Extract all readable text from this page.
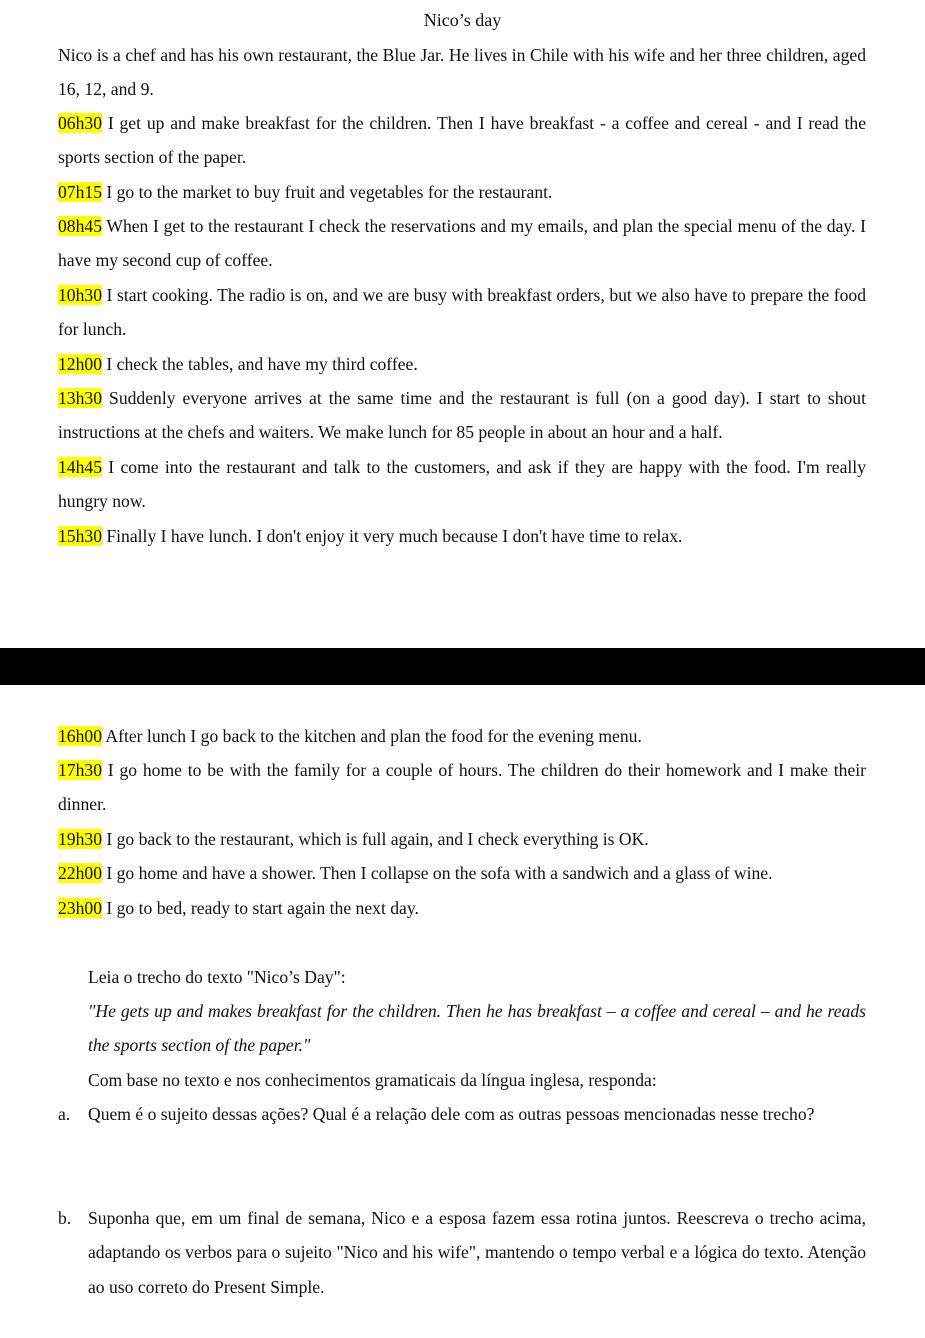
Nico’s day

Nico is a chef and has his own restaurant, the Blue Jar. He lives in Chile with his wife and her three children, aged 16, 12, and 9.

06h30 I get up and make breakfast for the children. Then I have breakfast - a coffee and cereal - and I read the sports section of the paper.

07h15 I go to the market to buy fruit and vegetables for the restaurant.

08h45 When I get to the restaurant I check the reservations and my emails, and plan the special menu of the day. I have my second cup of coffee.

10h30 I start cooking. The radio is on, and we are busy with breakfast orders, but we also have to prepare the food for lunch.

12h00 I check the tables, and have my third coffee.

13h30 Suddenly everyone arrives at the same time and the restaurant is full (on a good day). I start to shout instructions at the chefs and waiters. We make lunch for 85 people in about an hour and a half.

14h45 I come into the restaurant and talk to the customers, and ask if they are happy with the food. I'm really hungry now.

15h30 Finally I have lunch. I don't enjoy it very much because I don't have time to relax.

16h00 After lunch I go back to the kitchen and plan the food for the evening menu.

17h30 I go home to be with the family for a couple of hours. The children do their homework and I make their dinner.

19h30 I go back to the restaurant, which is full again, and I check everything is OK.

22h00 I go home and have a shower. Then I collapse on the sofa with a sandwich and a glass of wine.

23h00 I go to bed, ready to start again the next day.

Leia o trecho do texto "Nico’s Day":

"He gets up and makes breakfast for the children. Then he has breakfast – a coffee and cereal – and he reads the sports section of the paper."

Com base no texto e nos conhecimentos gramaticais da língua inglesa, responda:

a. Quem é o sujeito dessas ações? Qual é a relação dele com as outras pessoas mencionadas nesse trecho?

b. Suponha que, em um final de semana, Nico e a esposa fazem essa rotina juntos. Reescreva o trecho acima, adaptando os verbos para o sujeito "Nico and his wife", mantendo o tempo verbal e a lógica do texto. Atenção ao uso correto do Present Simple.
